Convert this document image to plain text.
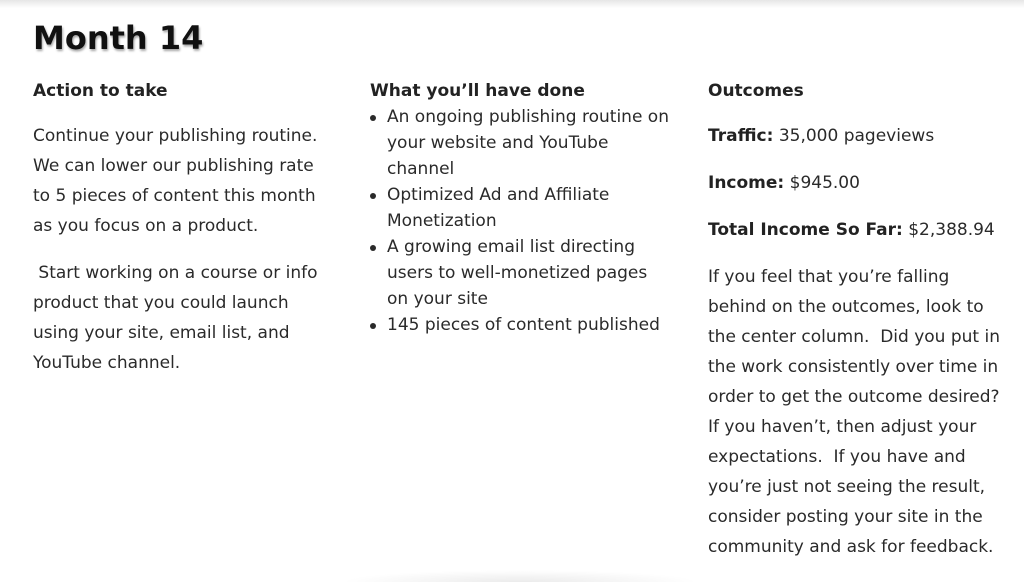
Month 14
Action to take

Continue your publishing routine. We can lower our publishing rate to 5 pieces of content this month as you focus on a product.

Start working on a course or info product that you could launch using your site, email list, and YouTube channel.

What you’ll have done
An ongoing publishing routine on your website and YouTube channel
Optimized Ad and Affiliate Monetization
A growing email list directing users to well-monetized pages on your site
145 pieces of content published
Outcomes

Traffic: 35,000 pageviews

Income: $945.00

Total Income So Far: $2,388.94

If you feel that you’re falling behind on the outcomes, look to the center column.  Did you put in the work consistently over time in order to get the outcome desired?  If you haven’t, then adjust your expectations.  If you have and you’re just not seeing the result, consider posting your site in the community and ask for feedback.
